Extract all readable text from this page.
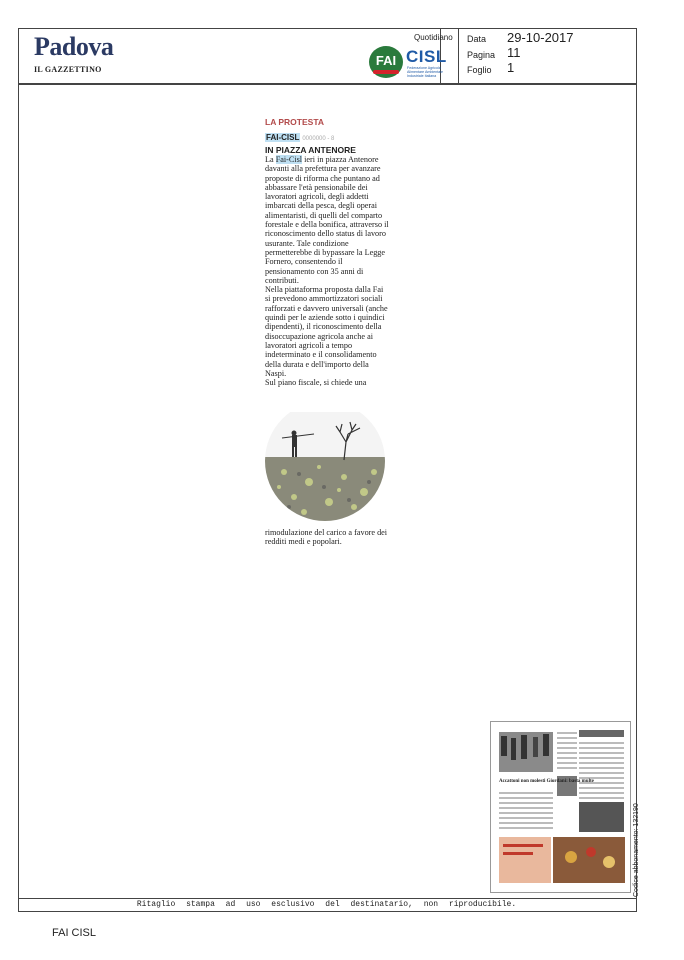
Padova
IL GAZZETTINO
Quotidiano
FAI CISL
Federazione Agricola Alimentare Ambientale Industriale Italiana
Data 29-10-2017
Pagina 11
Foglio 1
LA PROTESTA
FAI-CISL 0000000 - 8
IN PIAZZA ANTENORE
La Fai-Cisl ieri in piazza Antenore davanti alla prefettura per avanzare proposte di riforma che puntano ad abbassare l'età pensionabile dei lavoratori agricoli, degli addetti imbarcati della pesca, degli operai alimentaristi, di quelli del comparto forestale e della bonifica, attraverso il riconoscimento dello status di lavoro usurante. Tale condizione permetterebbe di bypassare la Legge Fornero, consentendo il pensionamento con 35 anni di contributi.
Nella piattaforma proposta dalla Fai si prevedono ammortizzatori sociali rafforzati e davvero universali (anche quindi per le aziende sotto i quindici dipendenti), il riconoscimento della disoccupazione agricola anche ai lavoratori agricoli a tempo indeterminato e il consolidamento della durata e dell'importo della Naspi.
Sul piano fiscale, si chiede una
rimodulazione del carico a favore dei redditi medi e popolari.
Accattoni non molesti Giordani: basta multe
Codice abbonamento: 132190
Ritaglio stampa ad uso esclusivo del destinatario, non riproducibile.
FAI CISL
